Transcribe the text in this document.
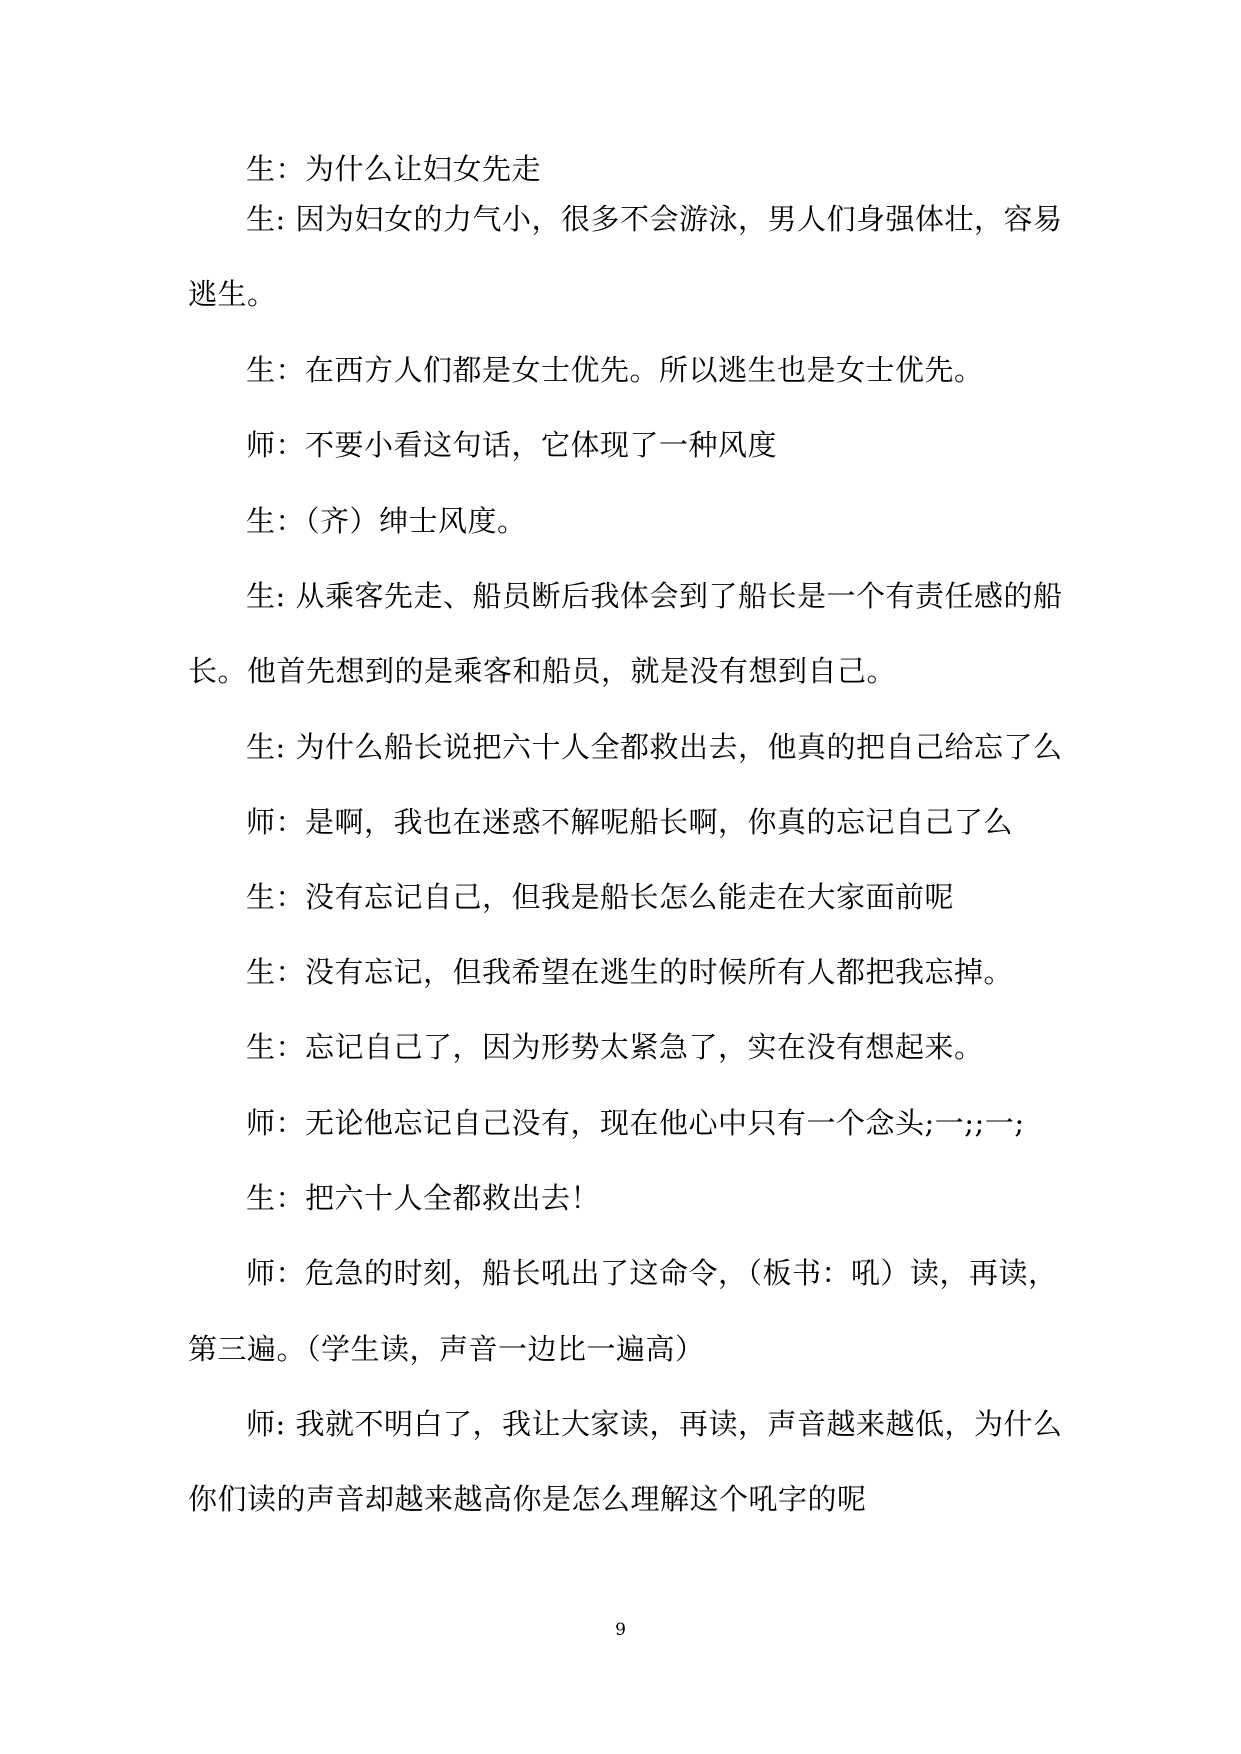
生：为什么让妇女先走
生: 因为妇女的力气小，很多不会游泳，男人们身强体壮，容易
逃生。
生：在西方人们都是女士优先。所以逃生也是女士优先。
师：不要小看这句话，它体现了一种风度
生：（齐）绅士风度。
生: 从乘客先走、船员断后我体会到了船长是一个有责任感的船
长。他首先想到的是乘客和船员，就是没有想到自己。
生: 为什么船长说把六十人全都救出去，他真的把自己给忘了么
师：是啊，我也在迷惑不解呢船长啊，你真的忘记自己了么
生：没有忘记自己，但我是船长怎么能走在大家面前呢
生：没有忘记，但我希望在逃生的时候所有人都把我忘掉。
生：忘记自己了，因为形势太紧急了，实在没有想起来。
师：无论他忘记自己没有，现在他心中只有一个念头;一;;一;
生：把六十人全都救出去！
师：危急的时刻，船长吼出了这命令，（板书：吼）读，再读，
第三遍。（学生读，声音一边比一遍高）
师: 我就不明白了，我让大家读，再读，声音越来越低，为什么
你们读的声音却越来越高你是怎么理解这个吼字的呢
9
